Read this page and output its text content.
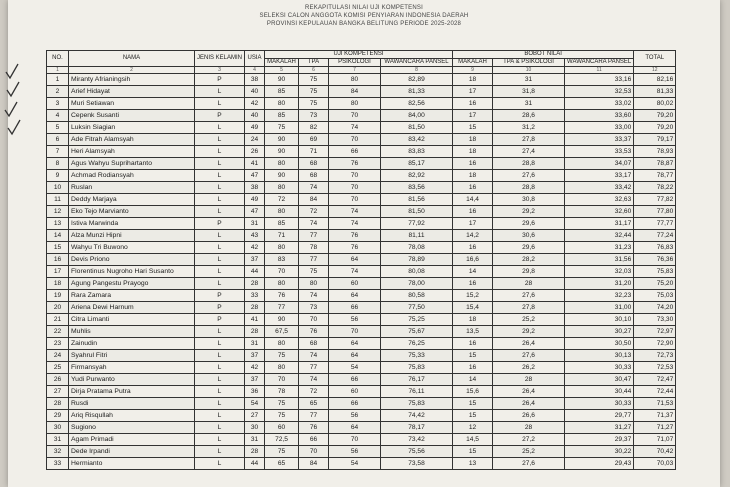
REKAPITULASI NILAI UJI KOMPETENSI
SELEKSI CALON ANGGOTA KOMISI PENYIARAN INDONESIA DAERAH
PROVINSI KEPULAUAN BANGKA BELITUNG PERIODE 2025-2028
NO.	NAMA	JENIS KELAMIN	USIA	UJI KOMPETENSI				BOBOT NILAI			TOTAL
				MAKALAH	TPA	PSIKOLOGI	WAWANCARA PANSEL	MAKALAH	TPA & PSIKOLOGI	WAWANCARA PANSEL	
1	2	3	4	5	6	7	8	9	10	11	12
1	Miranty Afrianingsih	P	38	90	75	80	82,89	18	31	33,16	82,16
2	Arief Hidayat	L	40	85	75	84	81,33	17	31,8	32,53	81,33
3	Muri Setiawan	L	42	80	75	80	82,56	16	31	33,02	80,02
4	Cepenk Susanti	P	40	85	73	70	84,00	17	28,6	33,60	79,20
5	Luksin Siagian	L	49	75	82	74	81,50	15	31,2	33,00	79,20
6	Ade Fitrah Alamsyah	L	24	90	69	70	83,42	18	27,8	33,37	79,17
7	Heri Alamsyah	L	26	90	71	66	83,83	18	27,4	33,53	78,93
8	Agus Wahyu Suprihartanto	L	41	80	68	76	85,17	16	28,8	34,07	78,87
9	Achmad Rodiansyah	L	47	90	68	70	82,92	18	27,6	33,17	78,77
10	Ruslan	L	38	80	74	70	83,56	16	28,8	33,42	78,22
11	Deddy Marjaya	L	49	72	84	70	81,56	14,4	30,8	32,63	77,82
12	Eko Tejo Marvianto	L	47	80	72	74	81,50	16	29,2	32,60	77,80
13	Istiva Marwinda	P	31	85	74	74	77,92	17	29,6	31,17	77,77
14	Alza Munzi Hipni	L	43	71	77	76	81,11	14,2	30,6	32,44	77,24
15	Wahyu Tri Buwono	L	42	80	78	76	78,08	16	29,6	31,23	76,83
16	Devis Priono	L	37	83	77	64	78,89	16,6	28,2	31,56	76,36
17	Florentinus Nugroho Hari Susanto	L	44	70	75	74	80,08	14	29,8	32,03	75,83
18	Agung Pangestu Prayogo	L	28	80	80	60	78,00	16	28	31,20	75,20
19	Rara Zamara	P	33	76	74	64	80,58	15,2	27,6	32,23	75,03
20	Ariena Dewi Harnum	P	28	77	73	66	77,50	15,4	27,8	31,00	74,20
21	Citra Limanti	P	41	90	70	56	75,25	18	25,2	30,10	73,30
22	Muhlis	L	28	67,5	76	70	75,67	13,5	29,2	30,27	72,97
23	Zainudin	L	31	80	68	64	76,25	16	26,4	30,50	72,90
24	Syahrul Fitri	L	37	75	74	64	75,33	15	27,6	30,13	72,73
25	Firmansyah	L	42	80	77	54	75,83	16	26,2	30,33	72,53
26	Yudi Purwanto	L	37	70	74	66	76,17	14	28	30,47	72,47
27	Dirja Pratama Putra	L	36	78	72	60	76,11	15,6	26,4	30,44	72,44
28	Rusdi	L	54	75	65	66	75,83	15	26,4	30,33	71,53
29	Ariq Risqullah	L	27	75	77	56	74,42	15	26,6	29,77	71,37
30	Sugiono	L	30	60	76	64	78,17	12	28	31,27	71,27
31	Agam Primadi	L	31	72,5	66	70	73,42	14,5	27,2	29,37	71,07
32	Dede Irpandi	L	28	75	70	56	75,56	15	25,2	30,22	70,42
33	Hermianto	L	44	65	84	54	73,58	13	27,6	29,43	70,03
